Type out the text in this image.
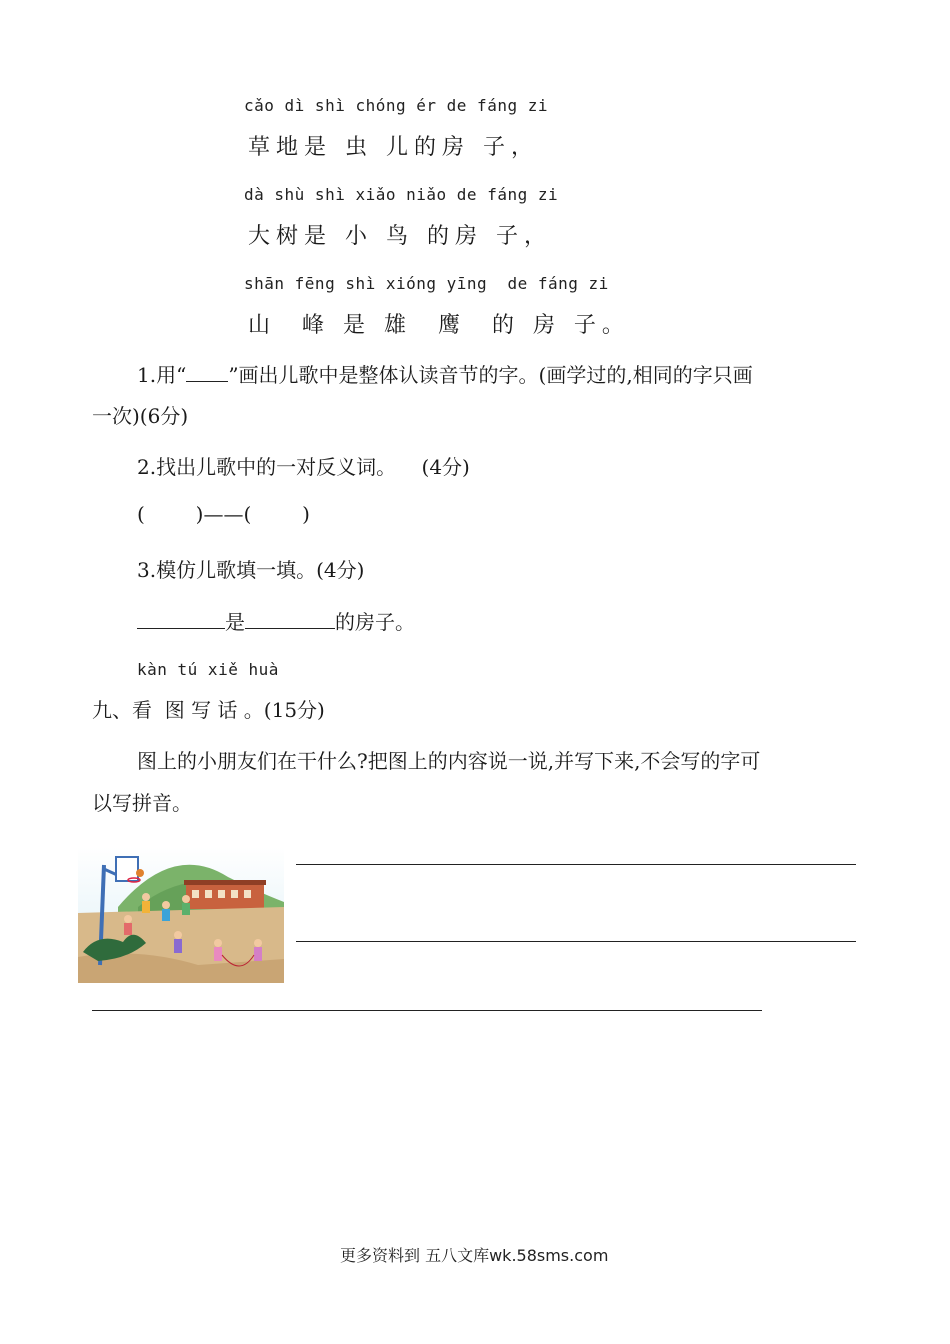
cǎo dì shì chóng ér de fáng zi
草地是 虫 儿的房 子，
dà shù shì xiǎo niǎo de fáng zi
大树是 小 鸟 的房 子，
shān fēng shì xióng yīng  de fáng zi
山  峰 是 雄  鹰  的 房 子。
1.用“ ”画出儿歌中是整体认读音节的字。(画学过的,相同的字只画
一次)(6分)
2.找出儿歌中的一对反义词。    (4分)
(        )——(        )
3.模仿儿歌填一填。(4分)
是	的房子。
kàn tú xiě huà
九、看  图 写 话 。(15分)
图上的小朋友们在干什么?把图上的内容说一说,并写下来,不会写的字可
以写拼音。
更多资料到 五八文库wk.58sms.com
